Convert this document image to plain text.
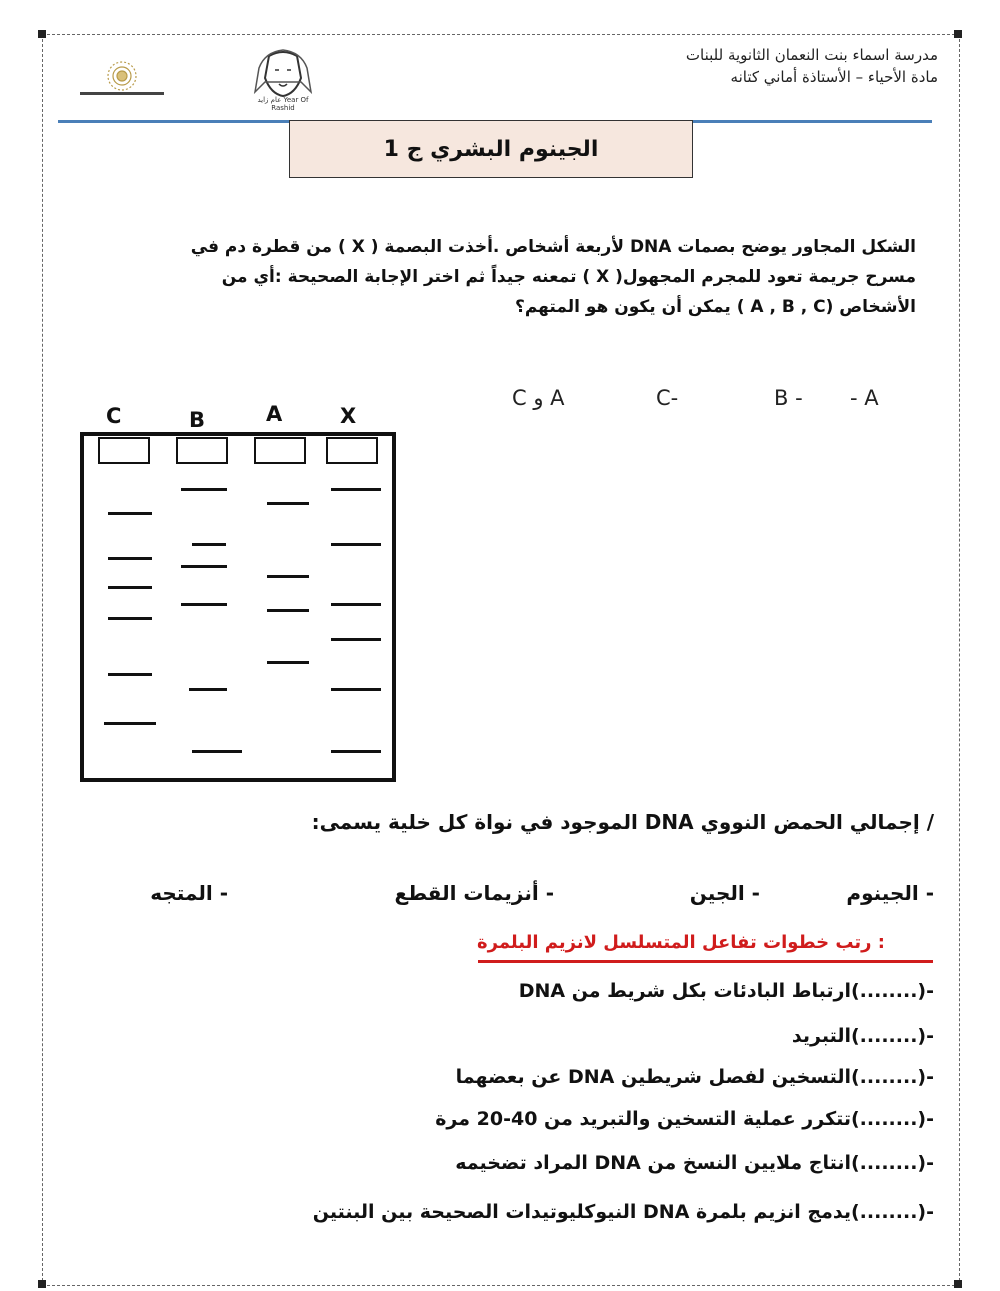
مدرسة اسماء بنت النعمان الثانوية للبنات
مادة الأحياء – الأستاذة أماني كتانه
عام زايد Year Of Rashid
الجينوم البشري ج 1
الشكل المجاور يوضح بصمات DNA لأربعة أشخاص .أخذت البصمة ( X ) من قطرة دم في
مسرح جريمة تعود للمجرم المجهول( X ) تمعنه جيداً ثم اختر الإجابة الصحيحة :أي من
الأشخاص (A , B , C ) يمكن أن يكون هو المتهم؟
- A
B -
C-
A و C
C	B	A	X
/ إجمالي الحمض النووي DNA الموجود في نواة كل خلية يسمى:
- الجينوم
- الجين
- أنزيمات القطع
- المتجه
: رتب خطوات تفاعل المتسلسل لانزيم البلمرة
-(........)ارتباط البادئات بكل شريط من DNA
-(........)التبريد
-(........)التسخين لفصل شريطين DNA عن بعضهما
-(........)تتكرر عملية التسخين والتبريد من 40-20 مرة
-(........)انتاج ملايين النسخ من DNA المراد تضخيمه
-(........)يدمج انزيم بلمرة DNA النيوكليوتيدات الصحيحة بين البنتين
